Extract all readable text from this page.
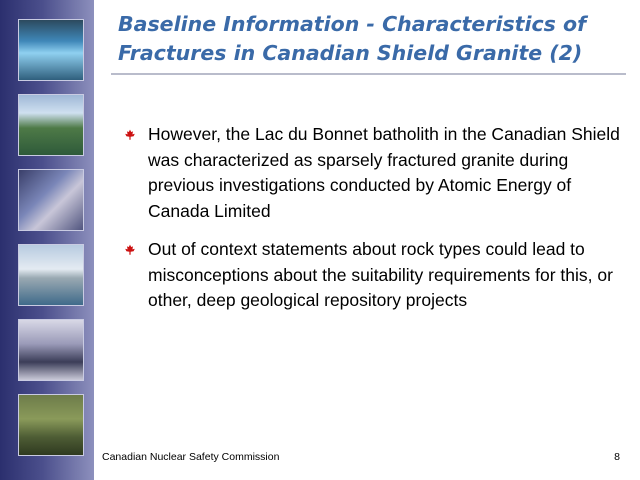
Baseline Information - Characteristics of Fractures in Canadian Shield Granite (2)
However, the Lac du Bonnet batholith in the Canadian Shield was characterized as sparsely fractured granite during previous investigations conducted by Atomic Energy of Canada Limited
Out of context statements about rock types could lead to misconceptions about the suitability requirements for this, or other, deep geological repository projects
Canadian Nuclear Safety Commission	8
